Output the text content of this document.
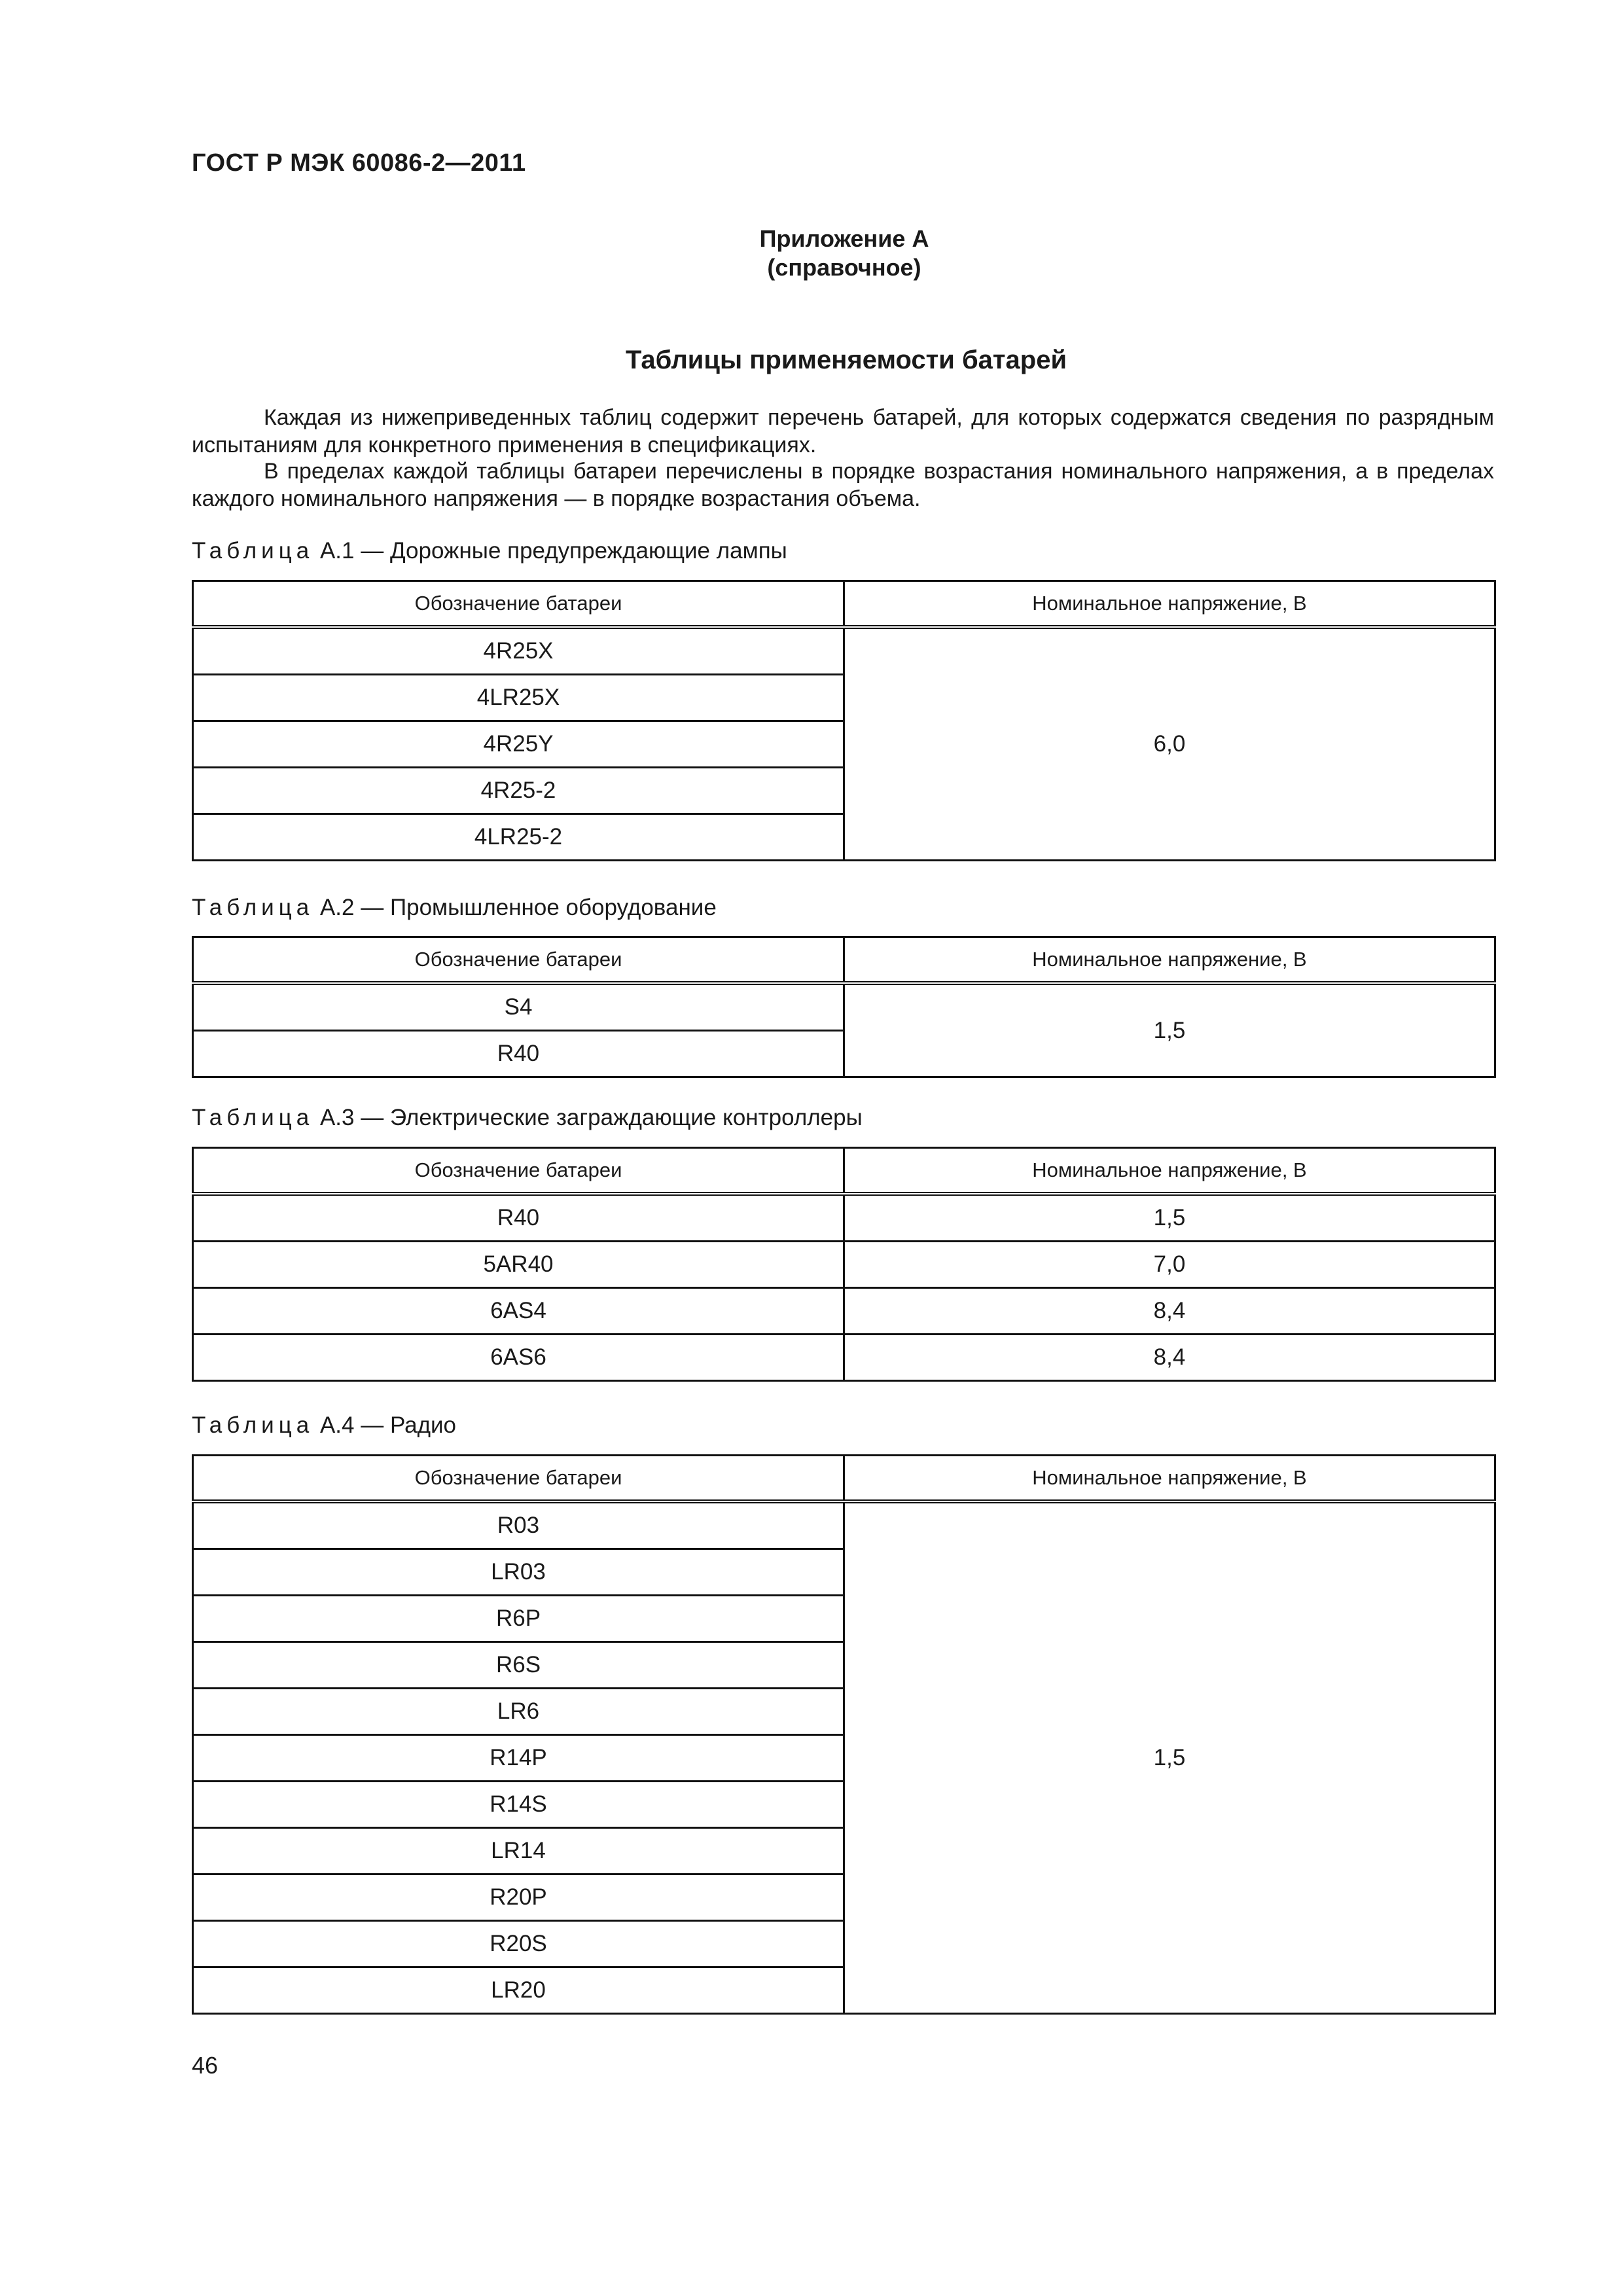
ГОСТ Р МЭК 60086-2—2011
Приложение А
(справочное)
Таблицы применяемости батарей
Каждая из нижеприведенных таблиц содержит перечень батарей, для которых содержатся сведения по разрядным испытаниям для конкретного применения в спецификациях.
В пределах каждой таблицы батареи перечислены в порядке возрастания номинального напряжения, а в пределах каждого номинального напряжения — в порядке возрастания объема.
Таблица А.1 — Дорожные предупреждающие лампы
Обозначение батареи	Номинальное напряжение, В
4R25X	6,0
4LR25X	
4R25Y	
4R25-2	
4LR25-2	
Таблица А.2 — Промышленное оборудование
Обозначение батареи	Номинальное напряжение, В
S4	1,5
R40	
Таблица А.3 — Электрические заграждающие контроллеры
Обозначение батареи	Номинальное напряжение, В
R40	1,5
5AR40	7,0
6AS4	8,4
6AS6	8,4
Таблица А.4 — Радио
Обозначение батареи	Номинальное напряжение, В
R03	1,5
LR03	
R6P	
R6S	
LR6	
R14P	
R14S	
LR14	
R20P	
R20S	
LR20	
46
